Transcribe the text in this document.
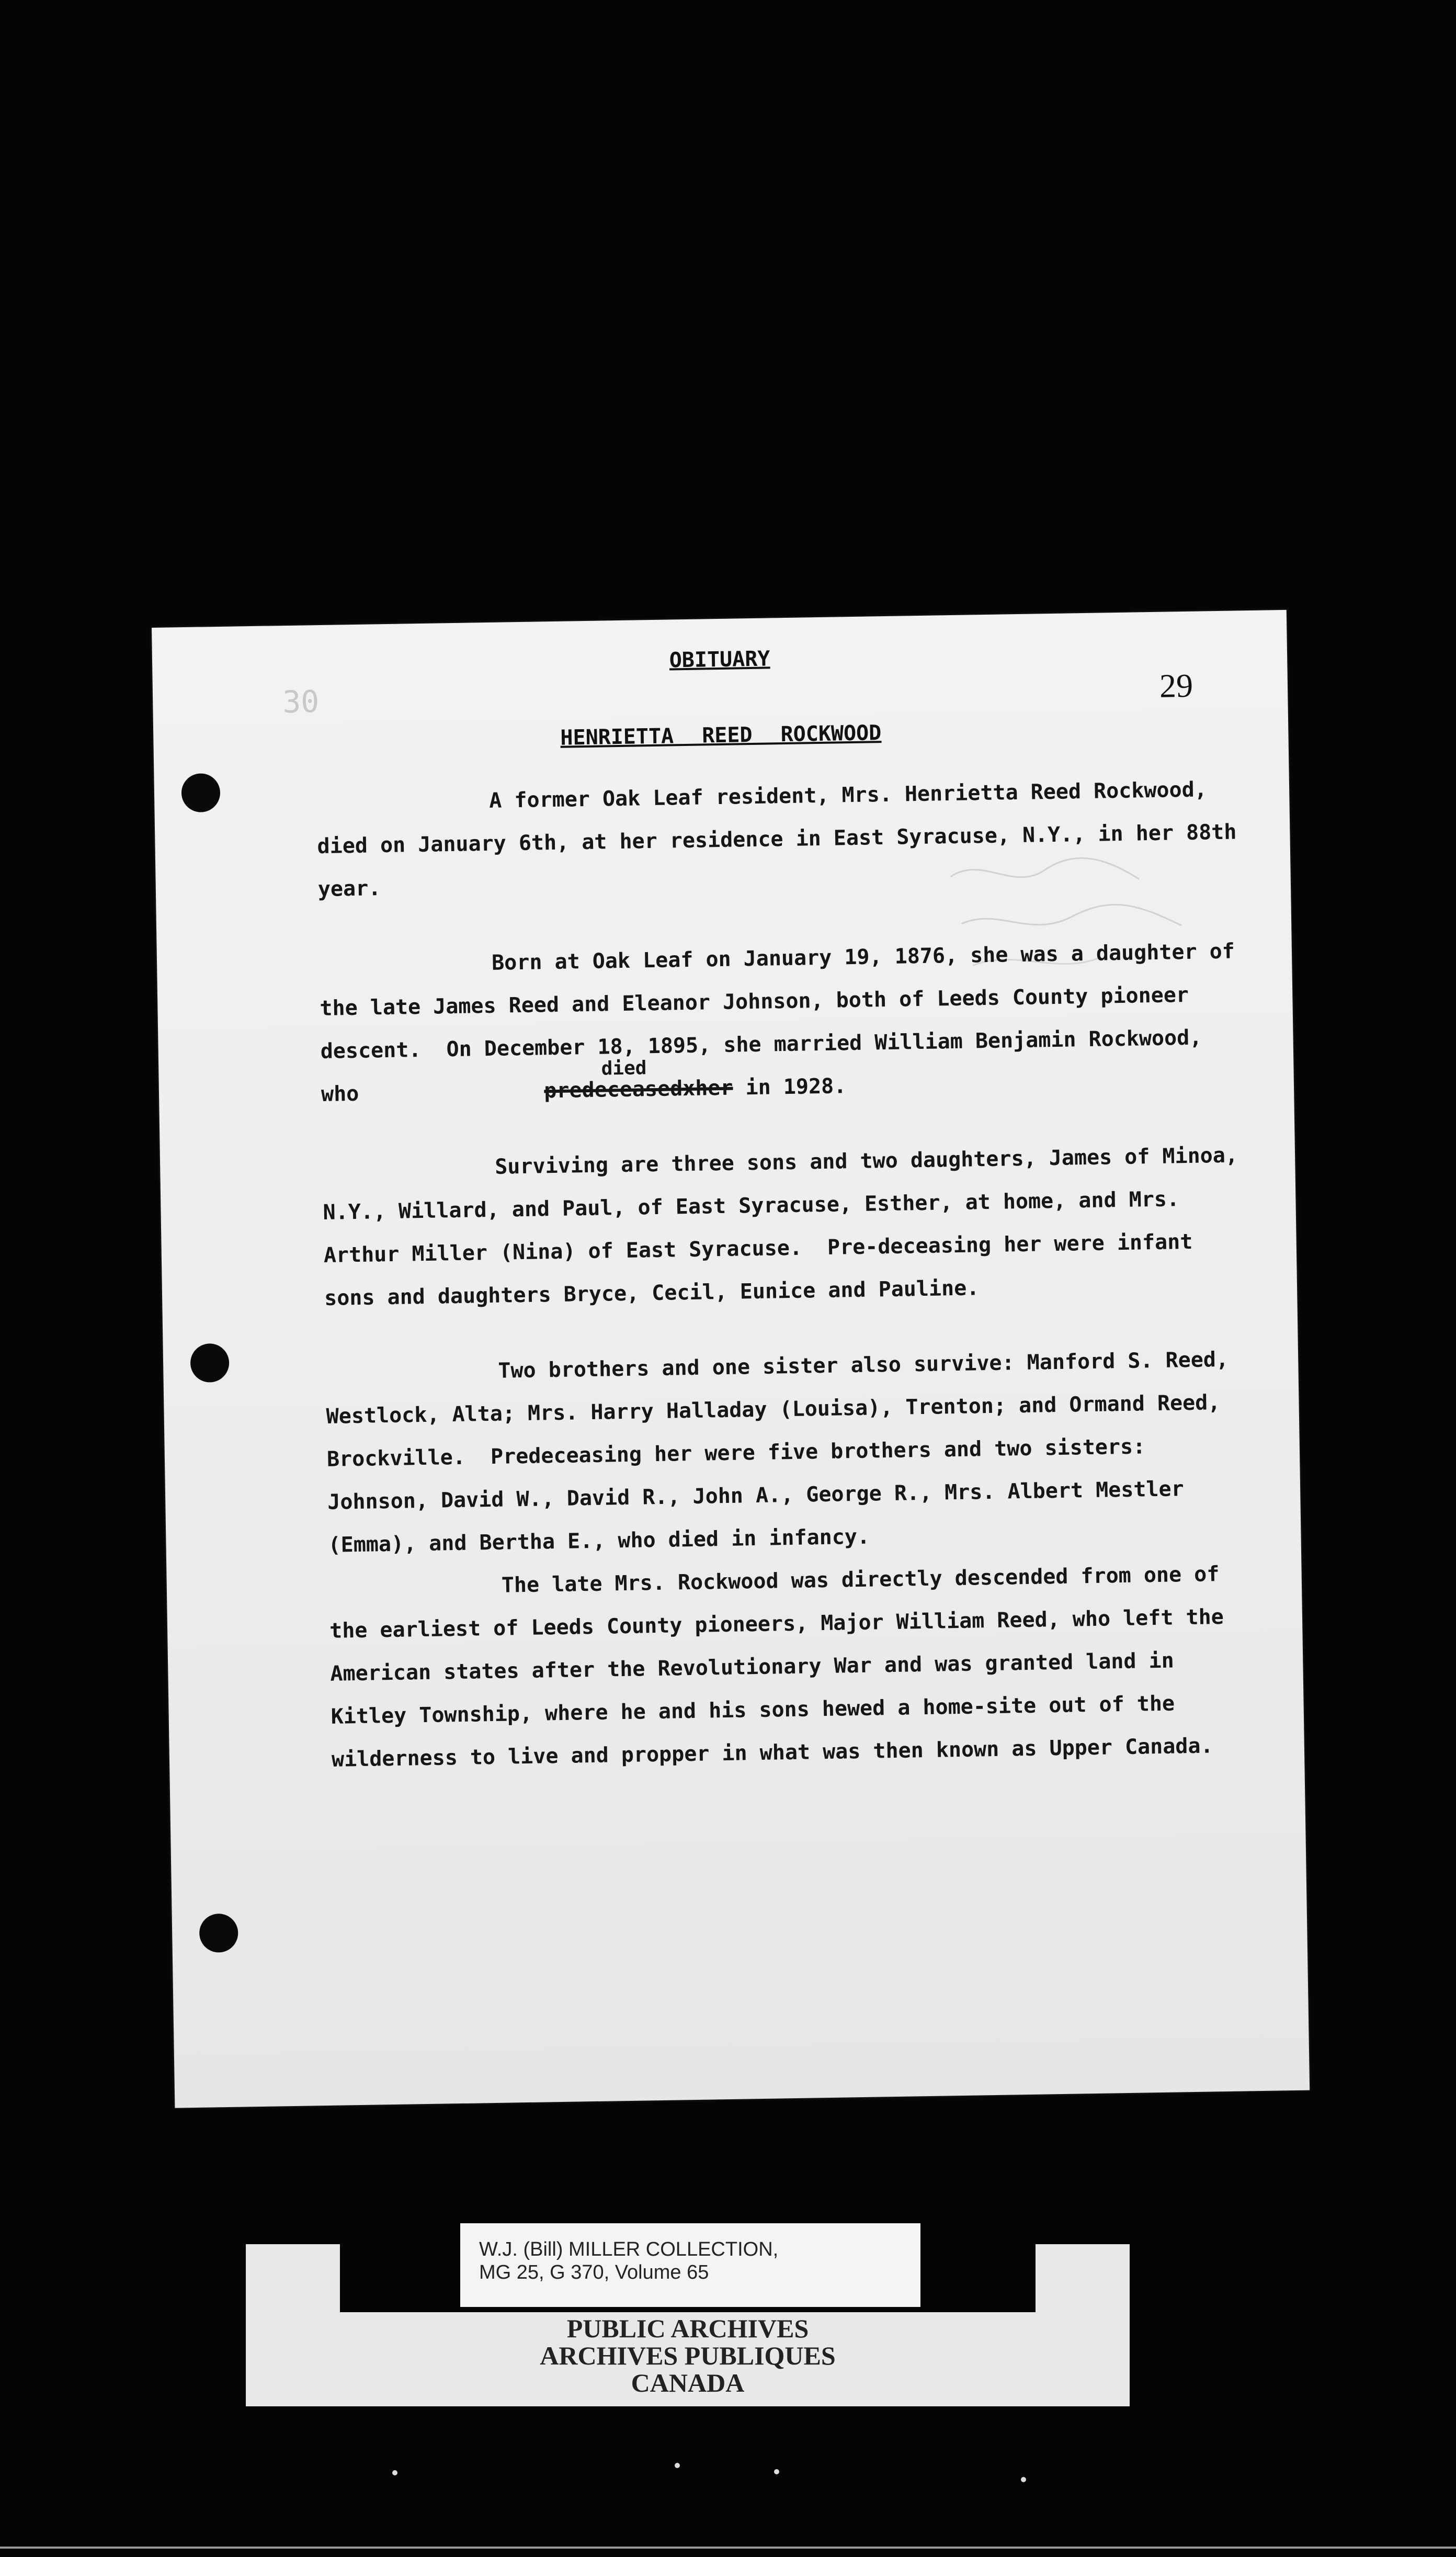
30	29
OBITUARY
HENRIETTA REED ROCKWOOD
A former Oak Leaf resident, Mrs. Henrietta Reed Rockwood, died on January 6th, at her residence in East Syracuse, N.Y., in her 88th year.
Born at Oak Leaf on January 19, 1876, she was a daughter of the late James Reed and Eleanor Johnson, both of Leeds County pioneer descent.  On December 18, 1895, she married William Benjamin Rockwood, who	predeceasedxher
died
in 1928.
Surviving are three sons and two daughters, James of Minoa, N.Y., Willard, and Paul, of East Syracuse, Esther, at home, and Mrs. Arthur Miller (Nina) of East Syracuse.  Pre-deceasing her were infant sons and daughters Bryce, Cecil, Eunice and Pauline.
Two brothers and one sister also survive: Manford S. Reed, Westlock, Alta; Mrs. Harry Halladay (Louisa), Trenton; and Ormand Reed, Brockville.  Predeceasing her were five brothers and two sisters: Johnson, David W., David R., John A., George R., Mrs. Albert Mestler (Emma), and Bertha E., who died in infancy.
The late Mrs. Rockwood was directly descended from one of the earliest of Leeds County pioneers, Major William Reed, who left the American states after the Revolutionary War and was granted land in Kitley Township, where he and his sons hewed a home-site out of the wilderness to live and propper in what was then known as Upper Canada.
W.J. (Bill) MILLER COLLECTION,
MG 25, G 370, Volume 65
PUBLIC ARCHIVES
ARCHIVES PUBLIQUES
CANADA
